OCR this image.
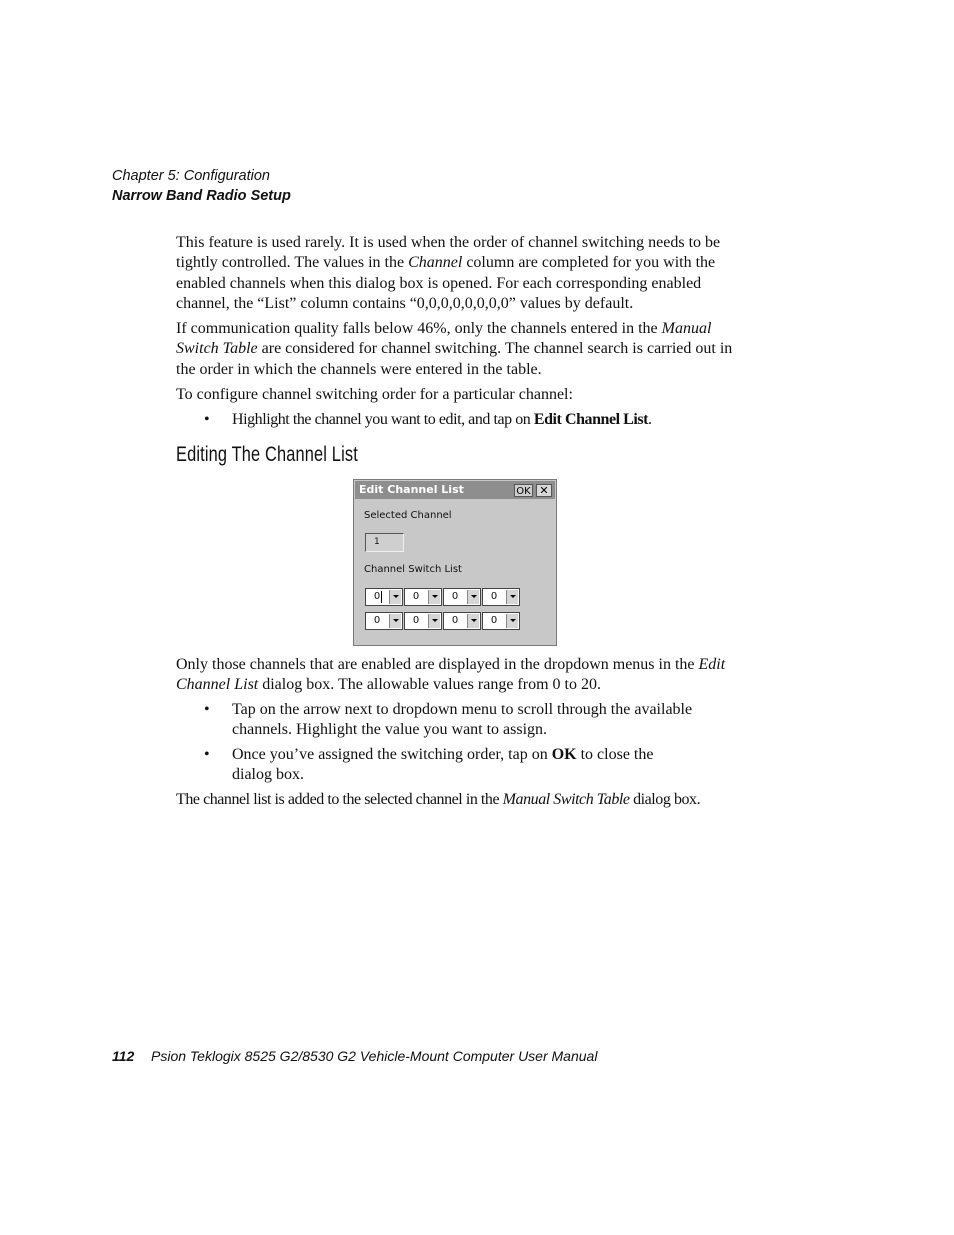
Chapter 5: Configuration
Narrow Band Radio Setup

This feature is used rarely. It is used when the order of channel switching needs to be tightly controlled. The values in the Channel column are completed for you with the enabled channels when this dialog box is opened. For each corresponding enabled channel, the “List” column contains “0,0,0,0,0,0,0,0” values by default.

If communication quality falls below 46%, only the channels entered in the Manual Switch Table are considered for channel switching. The channel search is carried out in the order in which the channels were entered in the table.

To configure channel switching order for a particular channel:
• Highlight the channel you want to edit, and tap on Edit Channel List.
Editing The Channel List
Edit Channel List	OK ✕
Selected Channel
1
Channel Switch List
0	0	0	0
0	0	0	0

Only those channels that are enabled are displayed in the dropdown menus in the Edit Channel List dialog box. The allowable values range from 0 to 20.

• Tap on the arrow next to dropdown menu to scroll through the available channels. Highlight the value you want to assign.
• Once you’ve assigned the switching order, tap on OK to close the dialog box.

The channel list is added to the selected channel in the Manual Switch Table dialog box.

112 Psion Teklogix 8525 G2/8530 G2 Vehicle-Mount Computer User Manual
